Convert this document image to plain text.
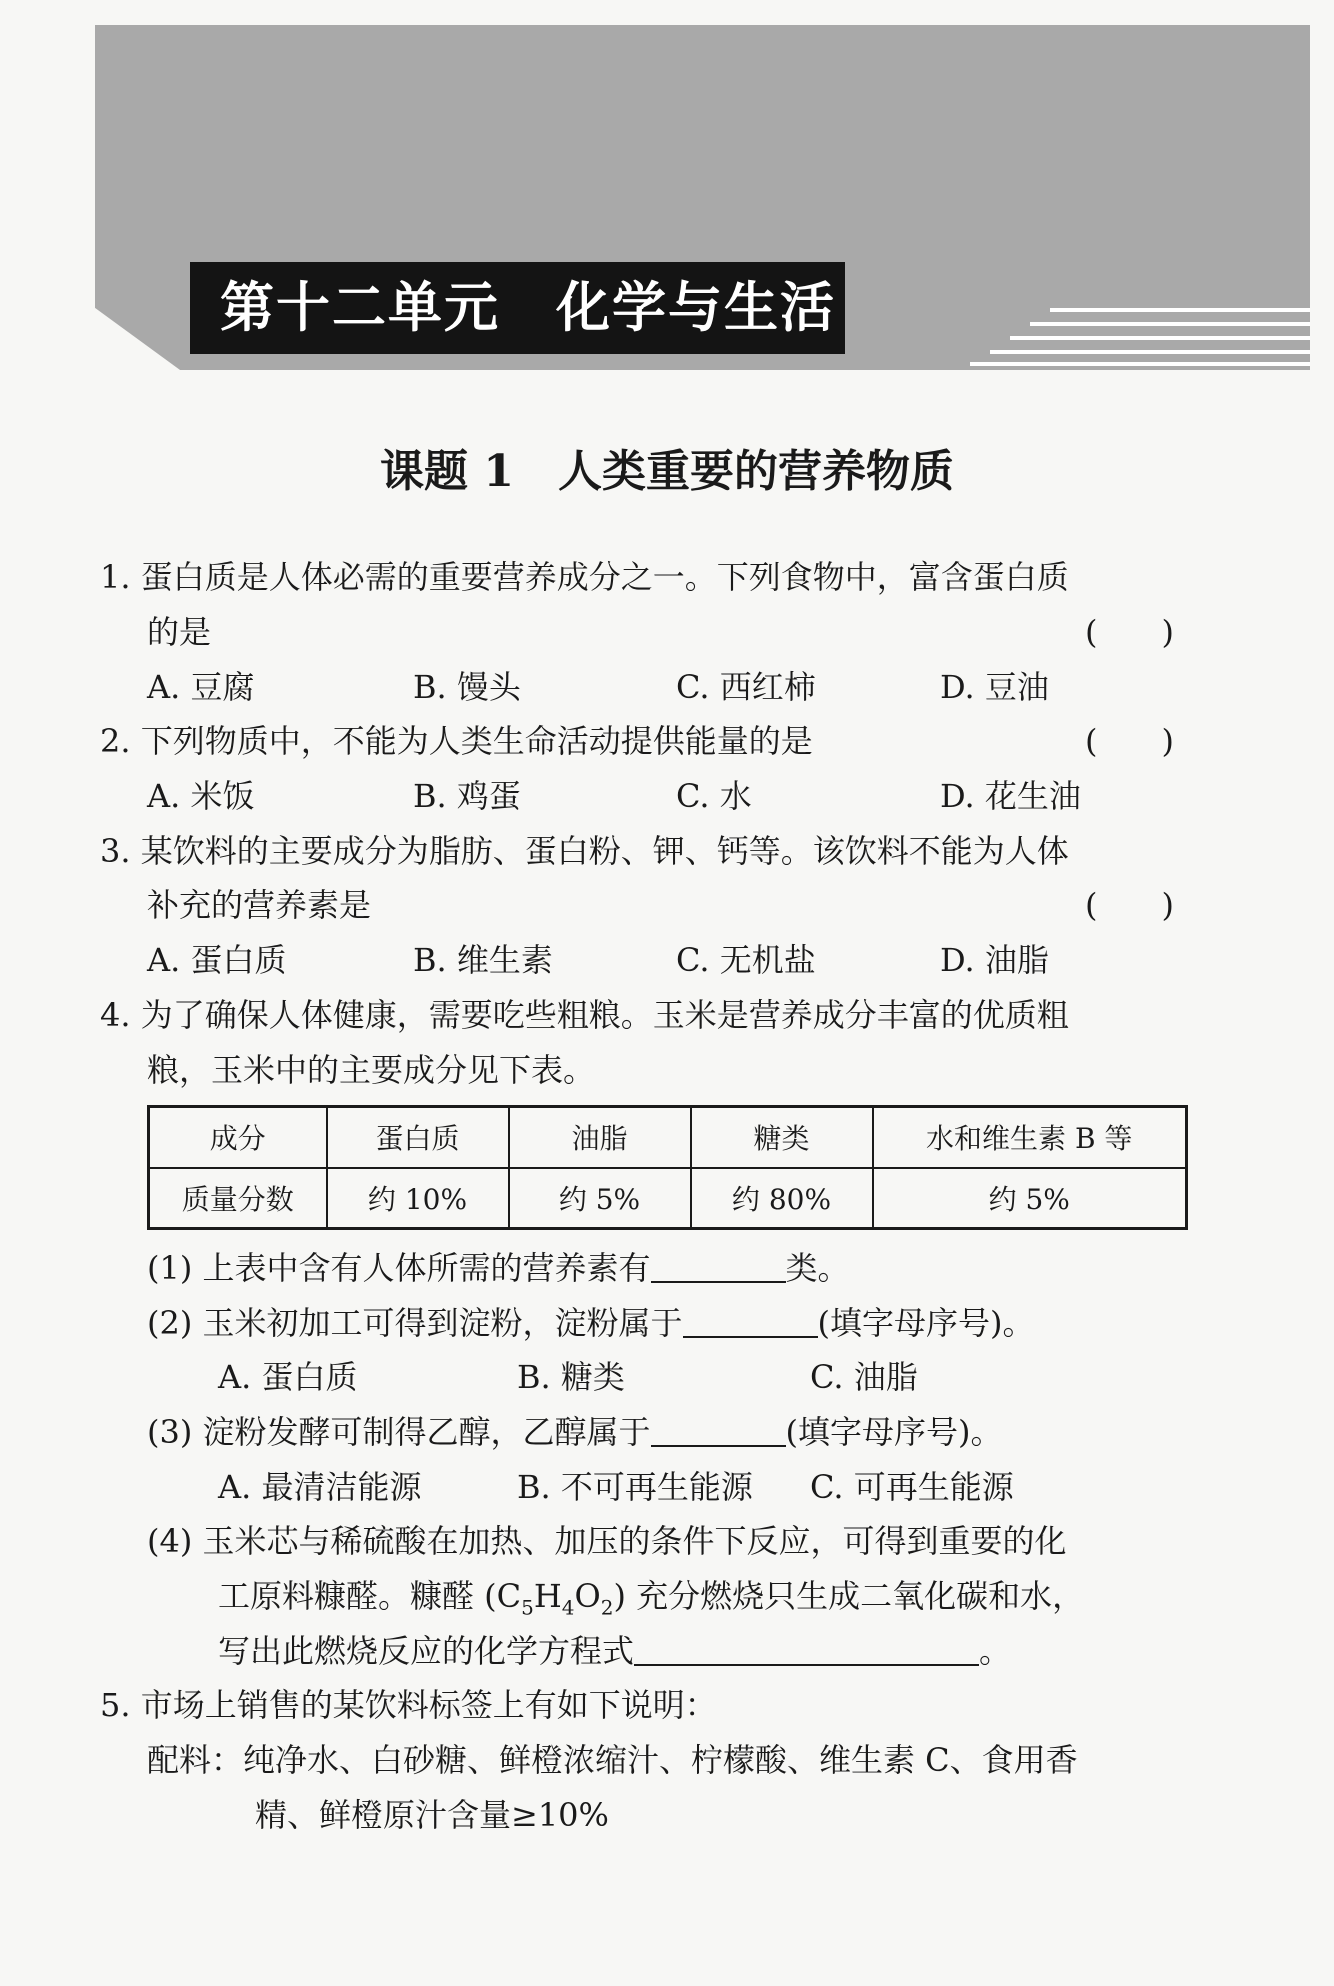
第十二单元　化学与生活
课题 1　人类重要的营养物质
1. 蛋白质是人体必需的重要营养成分之一。下列食物中，富含蛋白质
的是	(　　)
A. 豆腐	B. 馒头	C. 西红柿	D. 豆油
2. 下列物质中，不能为人类生命活动提供能量的是	(　　)
A. 米饭	B. 鸡蛋	C. 水	D. 花生油
3. 某饮料的主要成分为脂肪、蛋白粉、钾、钙等。该饮料不能为人体
补充的营养素是	(　　)
A. 蛋白质	B. 维生素	C. 无机盐	D. 油脂
4. 为了确保人体健康，需要吃些粗粮。玉米是营养成分丰富的优质粗
粮，玉米中的主要成分见下表。
成分	蛋白质	油脂	糖类	水和维生素 B 等
质量分数	约 10%	约 5%	约 80%	约 5%
(1) 上表中含有人体所需的营养素有	类。
(2) 玉米初加工可得到淀粉，淀粉属于	(填字母序号)。
A. 蛋白质	B. 糖类	C. 油脂
(3) 淀粉发酵可制得乙醇，乙醇属于	(填字母序号)。
A. 最清洁能源	B. 不可再生能源 C. 可再生能源
(4) 玉米芯与稀硫酸在加热、加压的条件下反应，可得到重要的化
工原料糠醛。糠醛 $(C_5H_4O_2)$ 充分燃烧只生成二氧化碳和水，
写出此燃烧反应的化学方程式	。
5. 市场上销售的某饮料标签上有如下说明：
配料：纯净水、白砂糖、鲜橙浓缩汁、柠檬酸、维生素 C、食用香
精、鲜橙原汁含量≥10%
